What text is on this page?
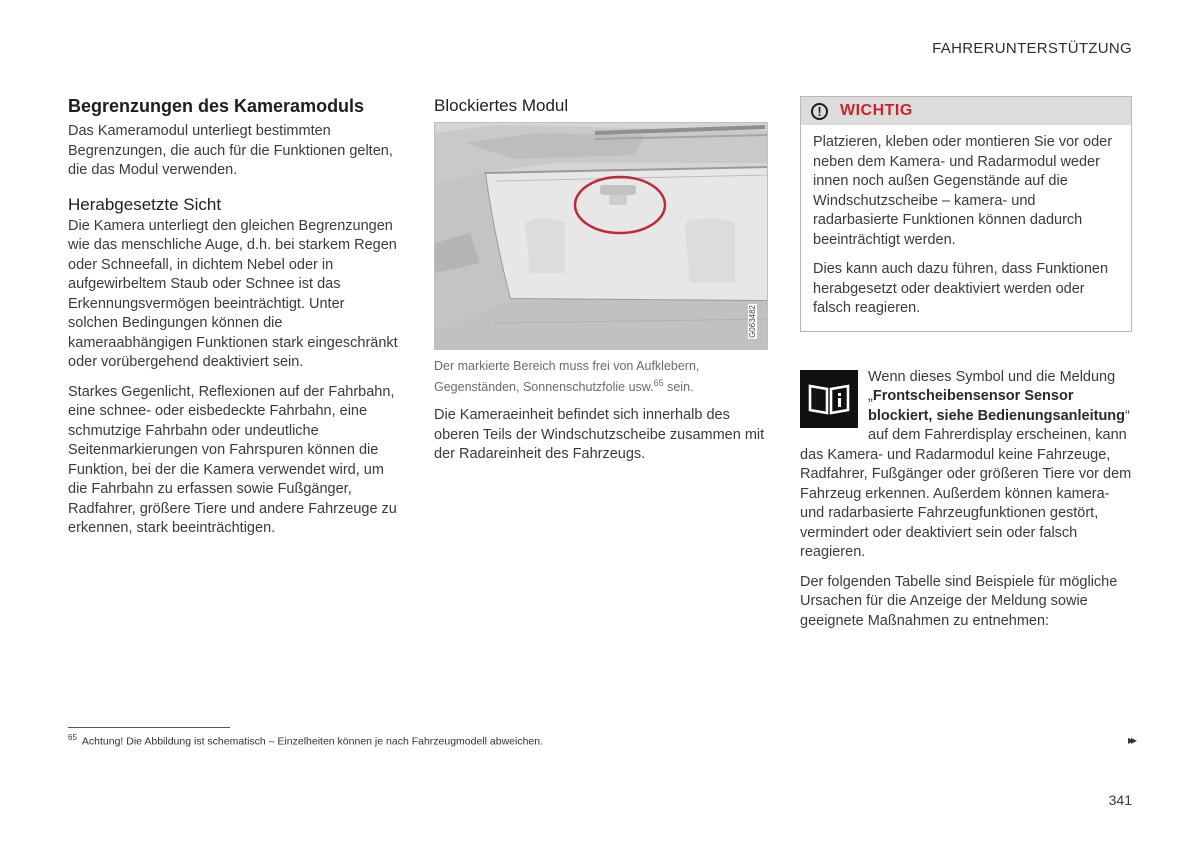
FAHRERUNTERSTÜTZUNG
Begrenzungen des Kameramoduls

Das Kameramodul unterliegt bestimmten Begrenzungen, die auch für die Funktionen gelten, die das Modul verwenden.

Herabgesetzte Sicht

Die Kamera unterliegt den gleichen Begrenzungen wie das menschliche Auge, d.h. bei starkem Regen oder Schneefall, in dichtem Nebel oder in aufgewirbeltem Staub oder Schnee ist das Erkennungsvermögen beeinträchtigt. Unter solchen Bedingungen können die kameraabhängigen Funktionen stark eingeschränkt oder vorübergehend deaktiviert sein.

Starkes Gegenlicht, Reflexionen auf der Fahrbahn, eine schnee- oder eisbedeckte Fahrbahn, eine schmutzige Fahrbahn oder undeutliche Seitenmarkierungen von Fahrspuren können die Funktion, bei der die Kamera verwendet wird, um die Fahrbahn zu erfassen sowie Fußgänger, Radfahrer, größere Tiere und andere Fahrzeuge zu erkennen, stark beeinträchtigen.

Blockiertes Modul
G063482
Der markierte Bereich muss frei von Aufklebern, Gegenständen, Sonnenschutzfolie usw.$^{65}$ sein.

Die Kameraeinheit befindet sich innerhalb des oberen Teils der Windschutzscheibe zusammen mit der Radareinheit des Fahrzeugs.

!	WICHTIG

Platzieren, kleben oder montieren Sie vor oder neben dem Kamera- und Radarmodul weder innen noch außen Gegenstände auf die Windschutzscheibe – kamera- und radarbasierte Funktionen können dadurch beeinträchtigt werden.

Dies kann auch dazu führen, dass Funktionen herabgesetzt oder deaktiviert werden oder falsch reagieren.

Wenn dieses Symbol und die Meldung „Frontscheibensensor Sensor blockiert, siehe Bedienungsanleitung“ auf dem Fahrerdisplay erscheinen, kann das Kamera- und Radarmodul keine Fahrzeuge, Radfahrer, Fußgänger oder größeren Tiere vor dem Fahrzeug erkennen. Außerdem können kamera- und radarbasierte Fahrzeugfunktionen gestört, vermindert oder deaktiviert sein oder falsch reagieren.

Der folgenden Tabelle sind Beispiele für mögliche Ursachen für die Anzeige der Meldung sowie geeignete Maßnahmen zu entnehmen:

$^{65}$ Achtung! Die Abbildung ist schematisch – Einzelheiten können je nach Fahrzeugmodell abweichen.	▸▸
341
